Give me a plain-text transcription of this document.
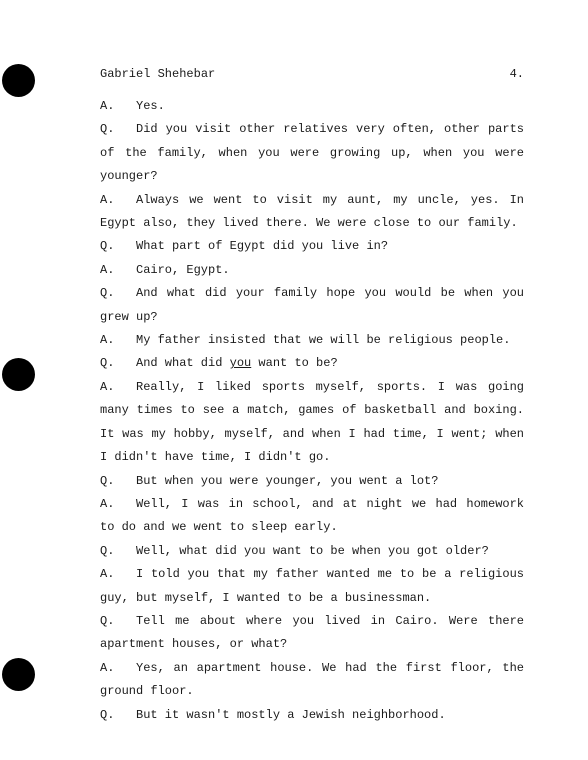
Gabriel Shehebar	4.
A. Yes.
Q. Did you visit other relatives very often, other parts of the family, when you were growing up, when you were younger?
A. Always we went to visit my aunt, my uncle, yes. In Egypt also, they lived there. We were close to our family.
Q. What part of Egypt did you live in?
A. Cairo, Egypt.
Q. And what did your family hope you would be when you grew up?
A. My father insisted that we will be religious people.
Q. And what did you want to be?
A. Really, I liked sports myself, sports. I was going many times to see a match, games of basketball and boxing. It was my hobby, myself, and when I had time, I went; when I didn't have time, I didn't go.
Q. But when you were younger, you went a lot?
A. Well, I was in school, and at night we had homework to do and we went to sleep early.
Q. Well, what did you want to be when you got older?
A. I told you that my father wanted me to be a religious guy, but myself, I wanted to be a businessman.
Q. Tell me about where you lived in Cairo. Were there apartment houses, or what?
A. Yes, an apartment house. We had the first floor, the ground floor.
Q. But it wasn't mostly a Jewish neighborhood.
